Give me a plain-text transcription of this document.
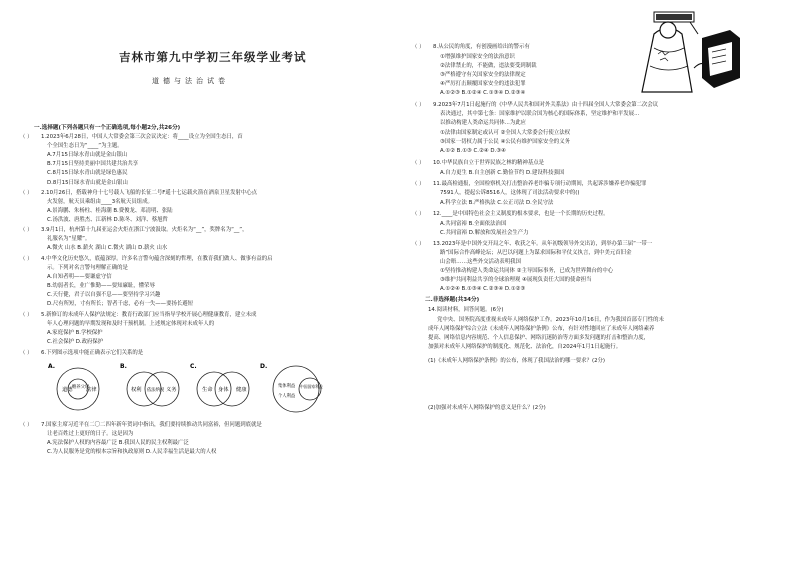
吉林市第九中学初三年级学业考试
道德与法治试卷
一.选择题(下列各题只有一个正确选项,每小题2分,共26分)
（ ） 1.2023年6月28日，中国人大常委会第三次会议决定：将____设立为全国生态日，首
个全国生态日为“____”为主题。
A.7月15日绿水青山就是金山银山
B.7月15日坚持美丽中国共建共治共享
C.8月15日绿水青山就是绿色惠民
D.8月15日绿水青山就是金山银山
（ ） 2.10月26日，搭载神舟十七号载人飞船的长征二号F遥十七运载火箭在酒泉卫星发射中心点
火发射，航天员乘组由____3名航天员组成。
A.景海鹏、朱杨柱、桂海潮 B.费俊龙、邓清明、张陆
C.汤洪波、唐胜杰、江新林 D.陈冬、刘洋、蔡旭哲
（ ） 3.9月1日，杭州第十九届亚运会火炬在浙江宁波汲取。火炬名为“__”，奖牌名为“__”，
礼服名为“星耀”。
A.微火 山水 B.薪火 湖山 C.微火 湖山 D.薪火 山水
（ ） 4.中华文化历史悠久，底蕴深厚。许多名言警句蕴含深刻的哲理，在教育我们做人、做事有益的启
示。下列对名言警句理解正确的是
A.自知者明——要谦虚守信
B.幼弱者长，业广惟勤——要知廉耻，懂荣辱
C.天行健，君子以自强不息——要坚持学习兴趣
D.尺有所短，寸有所长；智者千虑，必有一失——要扬长避短
（ ） 5.新修订的未成年人保护法规定：教育行政部门应当指导学校开展心理健康教育，建立未成
年人心理问题的早期发现和及时干预机制。上述规定体现对未成年人的
A.家庭保护 B.学校保护
C.社会保护 D.政府保护
（ ） 6.下列图示选项中能正确表示它们关系的是
A.
道德 赡养父母
法律
B.
权利 依法纳税 义务
C.
生命 身体 健康
D.
集体利益 中国国家利益
个人利益
（ ） 7.国家主席习近平在二〇二四年新年贺词中指出，我们要持续推动共同富裕，但问题到底就是
让老百姓过上更好的日子。这是因为
A.宪法保护人权的内容最广泛 B.我国人民的民主权利最广泛
C.为人民服务是党的根本宗旨和执政原则 D.人民幸福生活是最大的人权
（ ） 8.从公民的角度，有创漫画给出的警示有
①增强维护国家安全的法治意识
②法律禁止的，不能做，违法要受到制裁
③严格遵守有关国家安全的法律规定
④严厉打击颠覆国家安全的违法犯罪
A.①②③ B.①②④ C.①③④ D.②③④
（ ） 9.2023年7月1日起施行的《中华人民共和国对外关系法》由十四届全国人大常委会第二次会议
表决通过，其中第七条：国家维护以联合国为核心的国际体系，坚定维护和平发展...
以推动构建人类命运共同体...为此应
①法律由国家制定或认可 ②全国人大常委会行使立法权
③国家一切权力属于公民 ④公民有维护国家安全的义务
A.①② B.①③ C.②④ D.③④
（ ） 10.中华民族自立于世界民族之林的精神基点是
A.自力更生 B.自主创新 C.勤俭节约 D.建设科技强国
（ ） 11.最高检通报，全国检察机关打击整治养老诈骗专项行动期间，共起诉涉嫌养老诈骗犯罪
7591人，提起公诉8516人，这体现了司法活动要求中的()
A.科学立法 B.严格执法 C.公正司法 D.全民守法
（ ） 12.____是中国特色社会主义制度的根本要求，也是一个长期的历史过程。
A.共同富裕 B.全面依法治国
C.共同富裕 D.解放和发展社会生产力
（ ） 13.2023年是中国外交开局之年、收获之年。从年初级领导外交出访，到举办第三届“一带一
路”国际合作高峰论坛；从巴以问题上为谋求国际和平仗义执言，到中美元首旧金
山会晤……这些外交活动表明我国
①坚持推动构建人类命运共同体 ②主导国际事务，已成为世界舞台的中心
③维护共同利益共享的全球治理观 ④展现负责任大国的使命担当
A.①②④ B.①③④ C.②③④ D.①②③
二.非选择题(共34分)
14.阅读材料，回答问题。(6分)
党中央、国务院高度重视未成年人网络保护工作。2023年10月16日，作为我国首部专门性的未
成年人网络保护综合立法《未成年人网络保护条例》公布，有针对性地回应了未成年人网络素养
提高、网络信息内容规范、个人信息保护、网络沉迷防治等方面多发问题的打击和整治力度，
加强对未成年人网络保护的制度化、规范化、法治化，自2024年1月1日起施行。
(1)《未成年人网络保护条例》的公布，体现了我国法治的哪一要求？(2分)
(2)加强对未成年人网络保护的意义是什么？(2分)
